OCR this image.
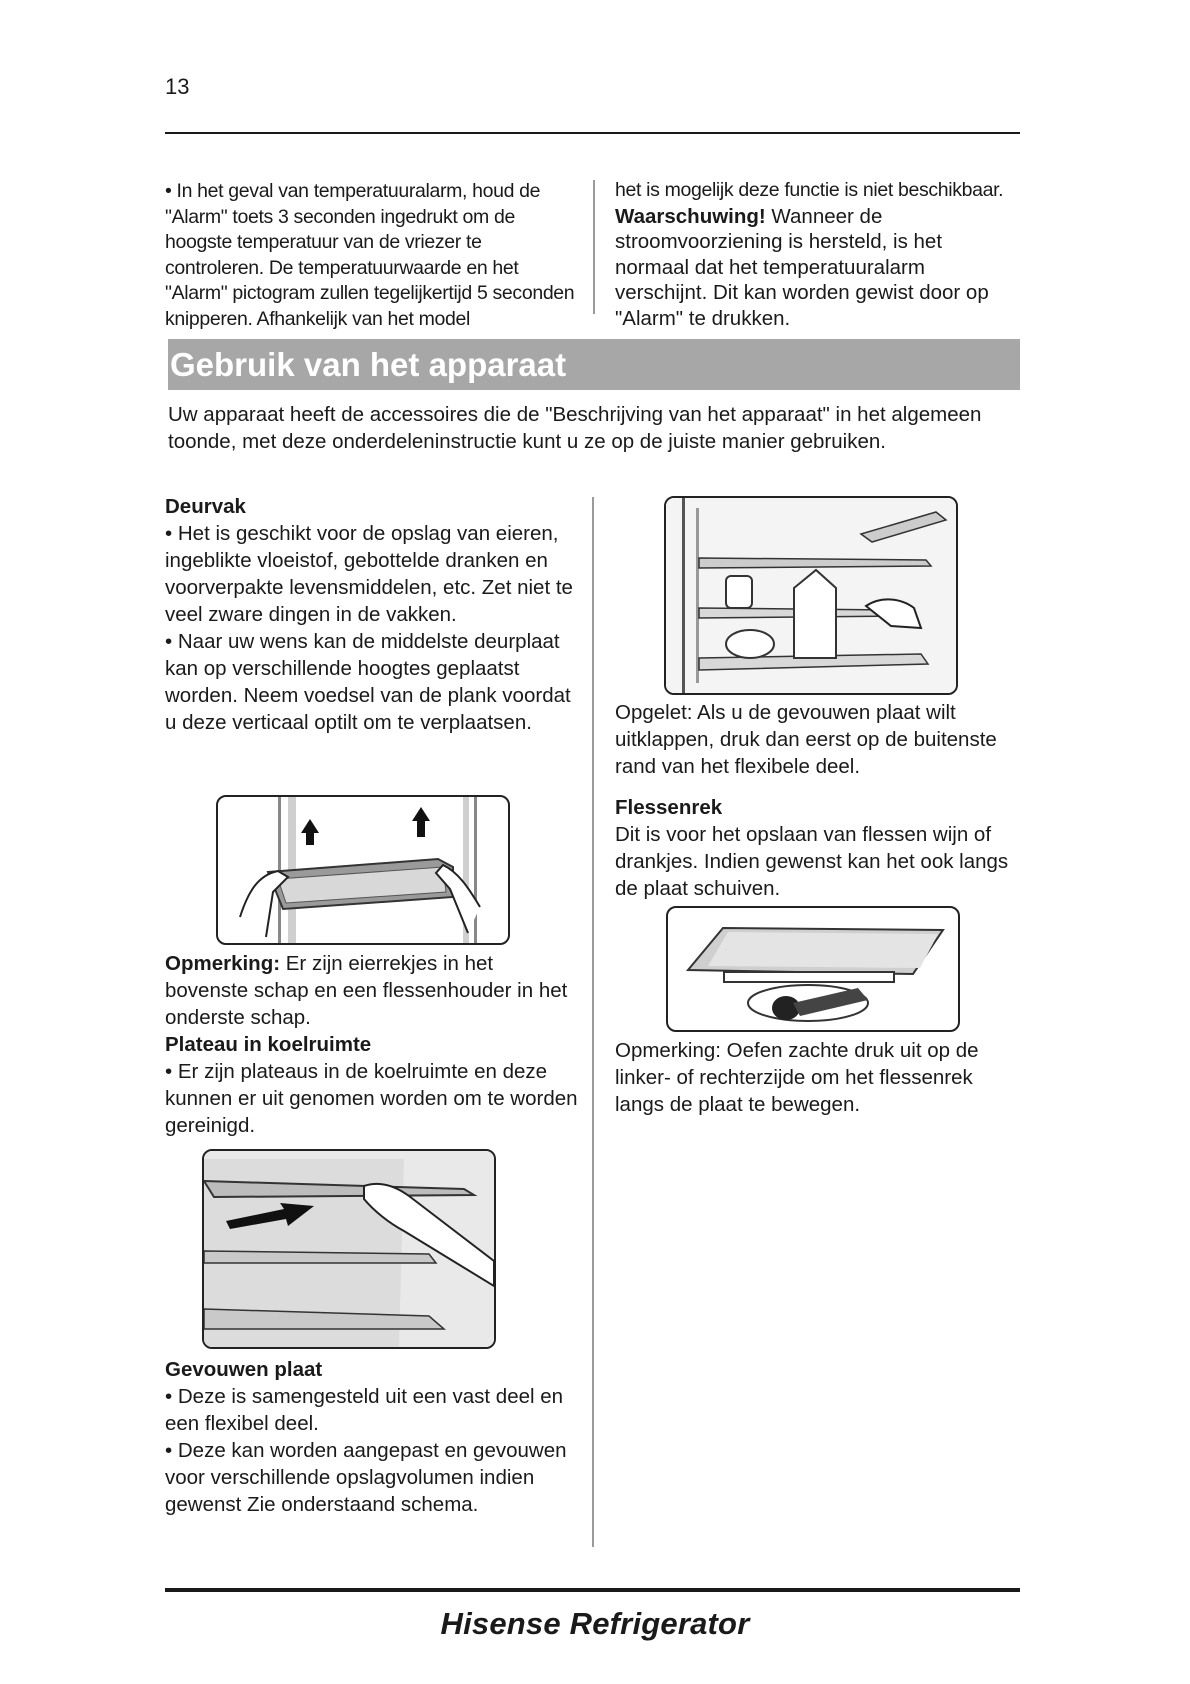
13
• In het geval van temperatuuralarm, houd de "Alarm" toets 3 seconden ingedrukt om de hoogste temperatuur van de vriezer te controleren. De temperatuurwaarde en het "Alarm" pictogram zullen tegelijkertijd 5 seconden knipperen. Afhankelijk van het model
het is mogelijk deze functie is niet beschikbaar.
Waarschuwing! Wanneer de stroomvoorziening is hersteld, is het normaal dat het temperatuuralarm verschijnt. Dit kan worden gewist door op "Alarm" te drukken.
Gebruik van het apparaat
Uw apparaat heeft de accessoires die de "Beschrijving van het apparaat" in het algemeen toonde, met deze onderdeleninstructie kunt u ze op de juiste manier gebruiken.

Deurvak

• Het is geschikt voor de opslag van eieren, ingeblikte vloeistof, gebottelde dranken en voorverpakte levensmiddelen, etc. Zet niet te veel zware dingen in de vakken.

• Naar uw wens kan de middelste deurplaat kan op verschillende hoogtes geplaatst worden. Neem voedsel van de plank voordat u deze verticaal optilt om te verplaatsen.

Opmerking: Er zijn eierrekjes in het bovenste schap en een flessenhouder in het onderste schap.

Plateau in koelruimte

• Er zijn plateaus in de koelruimte en deze kunnen er uit genomen worden om te worden gereinigd.

Gevouwen plaat

• Deze is samengesteld uit een vast deel en een flexibel deel.

• Deze kan worden aangepast en gevouwen voor verschillende opslagvolumen indien gewenst Zie onderstaand schema.

Opgelet: Als u de gevouwen plaat wilt uitklappen, druk dan eerst op de buitenste rand van het flexibele deel.

Flessenrek

Dit is voor het opslaan van flessen wijn of drankjes. Indien gewenst kan het ook langs de plaat schuiven.

Opmerking: Oefen zachte druk uit op de linker- of rechterzijde om het flessenrek langs de plaat te bewegen.
Hisense Refrigerator
